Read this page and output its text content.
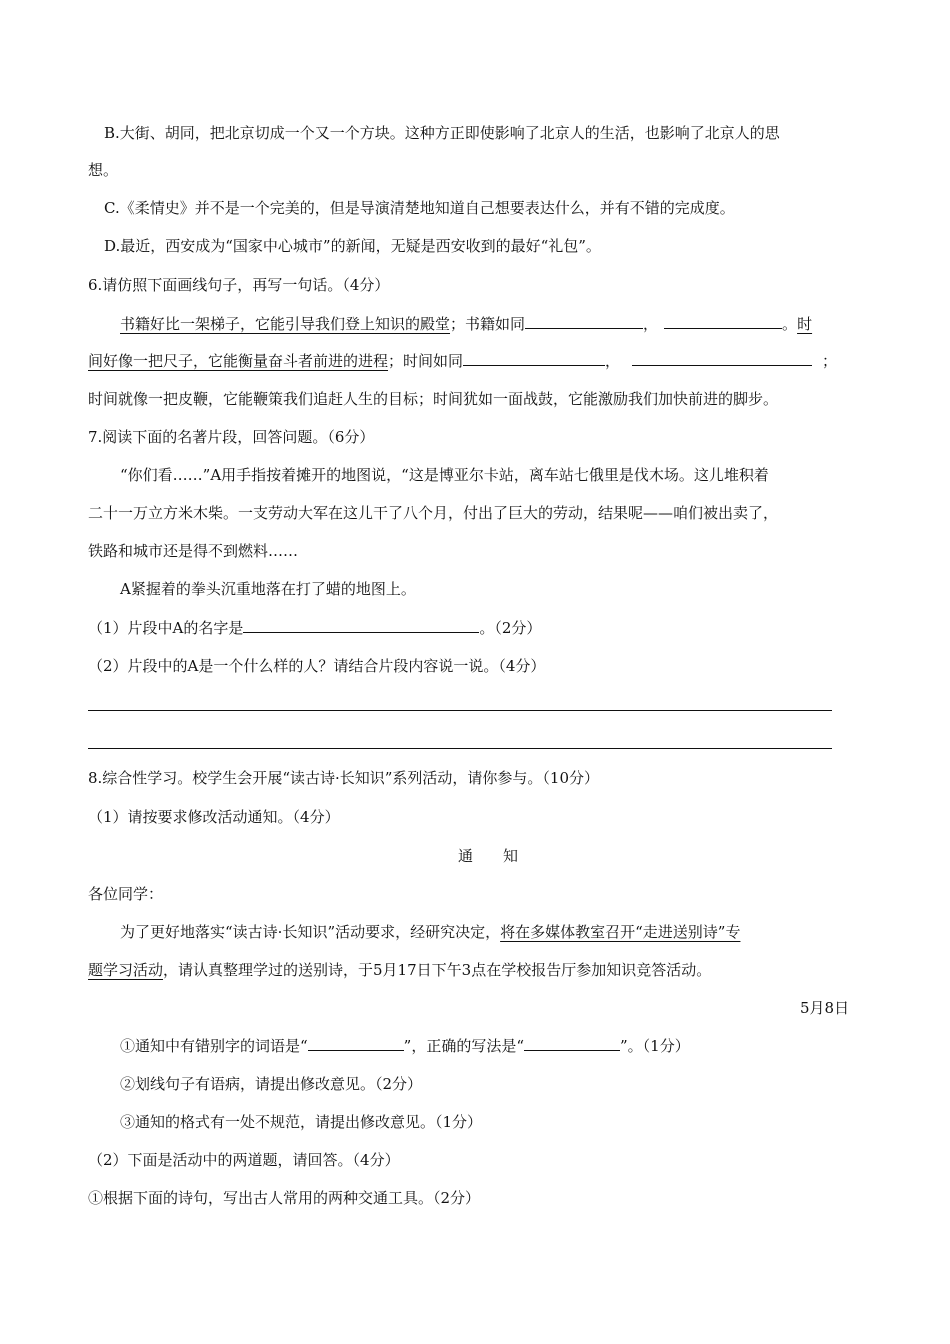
B.大街、胡同，把北京切成一个又一个方块。这种方正即使影响了北京人的生活，也影响了北京人的思
想。
C.《柔情史》并不是一个完美的，但是导演清楚地知道自己想要表达什么，并有不错的完成度。
D.最近，西安成为“国家中心城市”的新闻，无疑是西安收到的最好“礼包”。
6.请仿照下面画线句子，再写一句话。（4分）
书籍好比一架梯子，它能引导我们登上知识的殿堂；书籍如同	，	。时
间好像一把尺子，它能衡量奋斗者前进的进程；时间如同	，	；
时间就像一把皮鞭，它能鞭策我们追赶人生的目标；时间犹如一面战鼓，它能激励我们加快前进的脚步。
7.阅读下面的名著片段，回答问题。（6分）
“你们看……”A用手指按着摊开的地图说，“这是博亚尔卡站，离车站七俄里是伐木场。这儿堆积着
二十一万立方米木柴。一支劳动大军在这儿干了八个月，付出了巨大的劳动，结果呢——咱们被出卖了，
铁路和城市还是得不到燃料……
A紧握着的拳头沉重地落在打了蜡的地图上。
（1）片段中A的名字是	。（2分）
（2）片段中的A是一个什么样的人？请结合片段内容说一说。（4分）
8.综合性学习。校学生会开展“读古诗·长知识”系列活动，请你参与。（10分）
（1）请按要求修改活动通知。（4分）
通　　知
各位同学：
为了更好地落实“读古诗·长知识”活动要求，经研究决定，将在多媒体教室召开“走进送别诗”专
题学习活动，请认真整理学过的送别诗，于5月17日下午3点在学校报告厅参加知识竞答活动。
5月8日
①通知中有错别字的词语是“	”，正确的写法是“	”。（1分）
②划线句子有语病，请提出修改意见。（2分）
③通知的格式有一处不规范，请提出修改意见。（1分）
（2）下面是活动中的两道题，请回答。（4分）
①根据下面的诗句，写出古人常用的两种交通工具。（2分）
